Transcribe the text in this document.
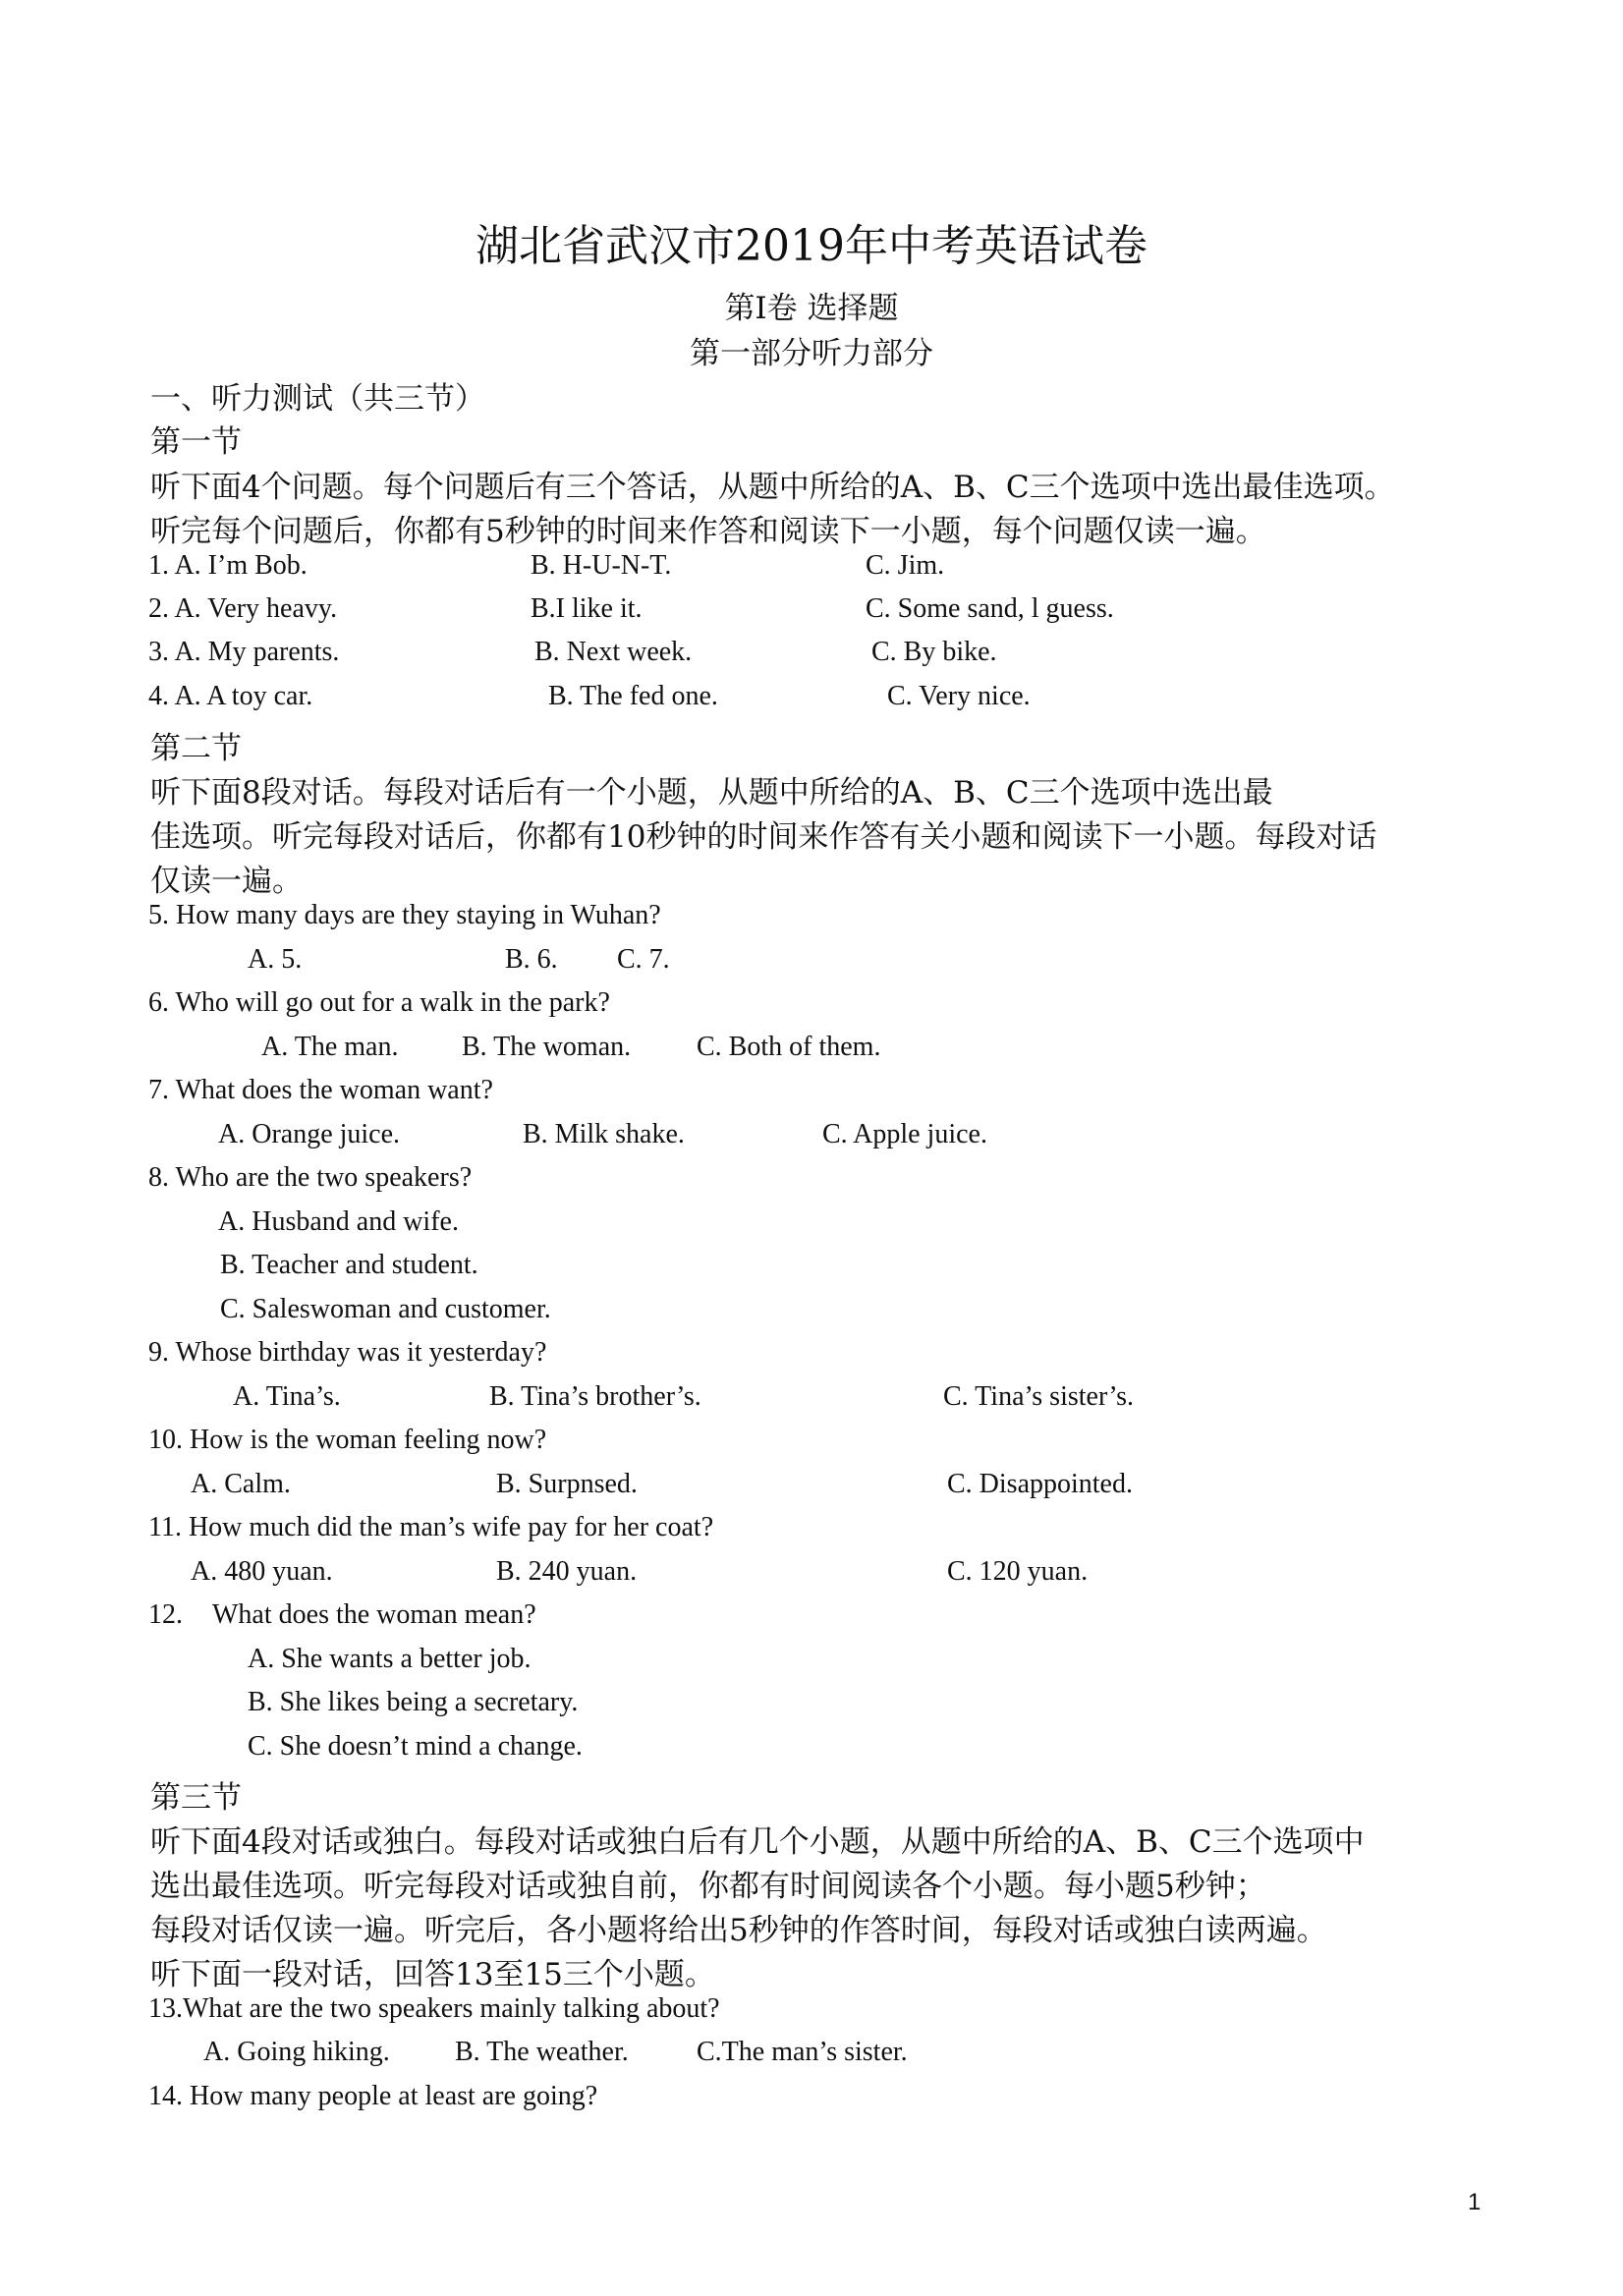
湖北省武汉市2019年中考英语试卷
第I卷 选择题
第一部分听力部分
一、听力测试（共三节）
第一节
听下面4个问题。每个问题后有三个答话，从题中所给的A、B、C三个选项中选出最佳选项。
听完每个问题后，你都有5秒钟的时间来作答和阅读下一小题，每个问题仅读一遍。
1. A. I’m Bob.	B. H-U-N-T.	C. Jim.
2. A. Very heavy.	B.I like it.	C. Some sand, l guess.
3. A. My parents.	B. Next week.	C. By bike.
4. A. A toy car.	B. The fed one.	C. Very nice.
第二节
听下面8段对话。每段对话后有一个小题，从题中所给的A、B、C三个选项中选出最
佳选项。听完每段对话后，你都有10秒钟的时间来作答有关小题和阅读下一小题。每段对话
仅读一遍。
5. How many days are they staying in Wuhan?
A. 5.	B. 6. C. 7.
6. Who will go out for a walk in the park?
A. The man. B. The woman. C. Both of them.
7. What does the woman want?
A. Orange juice.	B. Milk shake.	C. Apple juice.
8. Who are the two speakers?
A. Husband and wife.
B. Teacher and student.
C. Saleswoman and customer.
9. Whose birthday was it yesterday?
A. Tina’s.	B. Tina’s brother’s.	C. Tina’s sister’s.
10. How is the woman feeling now?
A. Calm.	B. Surpnsed.	C. Disappointed.
11. How much did the man’s wife pay for her coat?
A. 480 yuan.	B. 240 yuan.	C. 120 yuan.
12. What does the woman mean?
A. She wants a better job.
B. She likes being a secretary.
C. She doesn’t mind a change.
第三节
听下面4段对话或独白。每段对话或独白后有几个小题，从题中所给的A、B、C三个选项中
选出最佳选项。听完每段对话或独自前，你都有时间阅读各个小题。每小题5秒钟；
每段对话仅读一遍。听完后，各小题将给出5秒钟的作答时间，每段对话或独白读两遍。
听下面一段对话，回答13至15三个小题。
13.What are the two speakers mainly talking about?
A. Going hiking. B. The weather. C.The man’s sister.
14. How many people at least are going?
1
